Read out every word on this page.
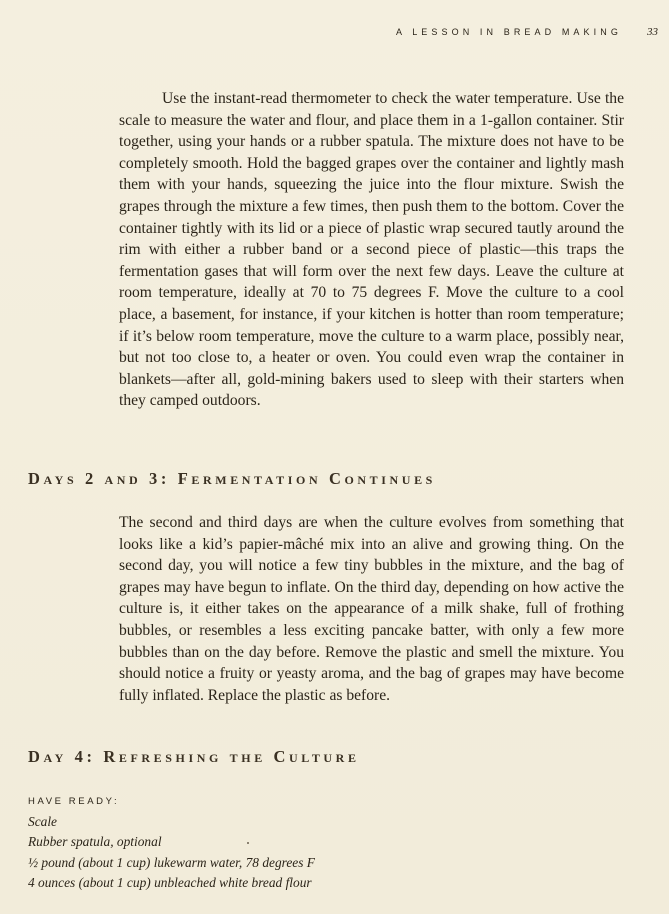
A LESSON IN BREAD MAKING 33

Use the instant-read thermometer to check the water temperature. Use the scale to measure the water and flour, and place them in a 1-gallon container. Stir together, using your hands or a rubber spatula. The mixture does not have to be completely smooth. Hold the bagged grapes over the container and lightly mash them with your hands, squeezing the juice into the flour mixture. Swish the grapes through the mixture a few times, then push them to the bottom. Cover the container tightly with its lid or a piece of plastic wrap secured tautly around the rim with either a rubber band or a second piece of plastic—this traps the fermentation gases that will form over the next few days. Leave the culture at room temperature, ideally at 70 to 75 degrees F. Move the culture to a cool place, a basement, for instance, if your kitchen is hotter than room temperature; if it’s below room temperature, move the culture to a warm place, possibly near, but not too close to, a heater or oven. You could even wrap the container in blankets—after all, gold-mining bakers used to sleep with their starters when they camped outdoors.

Days 2 and 3: Fermentation Continues

The second and third days are when the culture evolves from something that looks like a kid’s papier-mâché mix into an alive and growing thing. On the second day, you will notice a few tiny bubbles in the mixture, and the bag of grapes may have begun to inflate. On the third day, depending on how active the culture is, it either takes on the appearance of a milk shake, full of frothing bubbles, or resembles a less exciting pancake batter, with only a few more bubbles than on the day before. Remove the plastic and smell the mixture. You should notice a fruity or yeasty aroma, and the bag of grapes may have become fully inflated. Replace the plastic as before.

Day 4: Refreshing the Culture
HAVE READY:
Scale
Rubber spatula, optional
½ pound (about 1 cup) lukewarm water, 78 degrees F
4 ounces (about 1 cup) unbleached white bread flour
